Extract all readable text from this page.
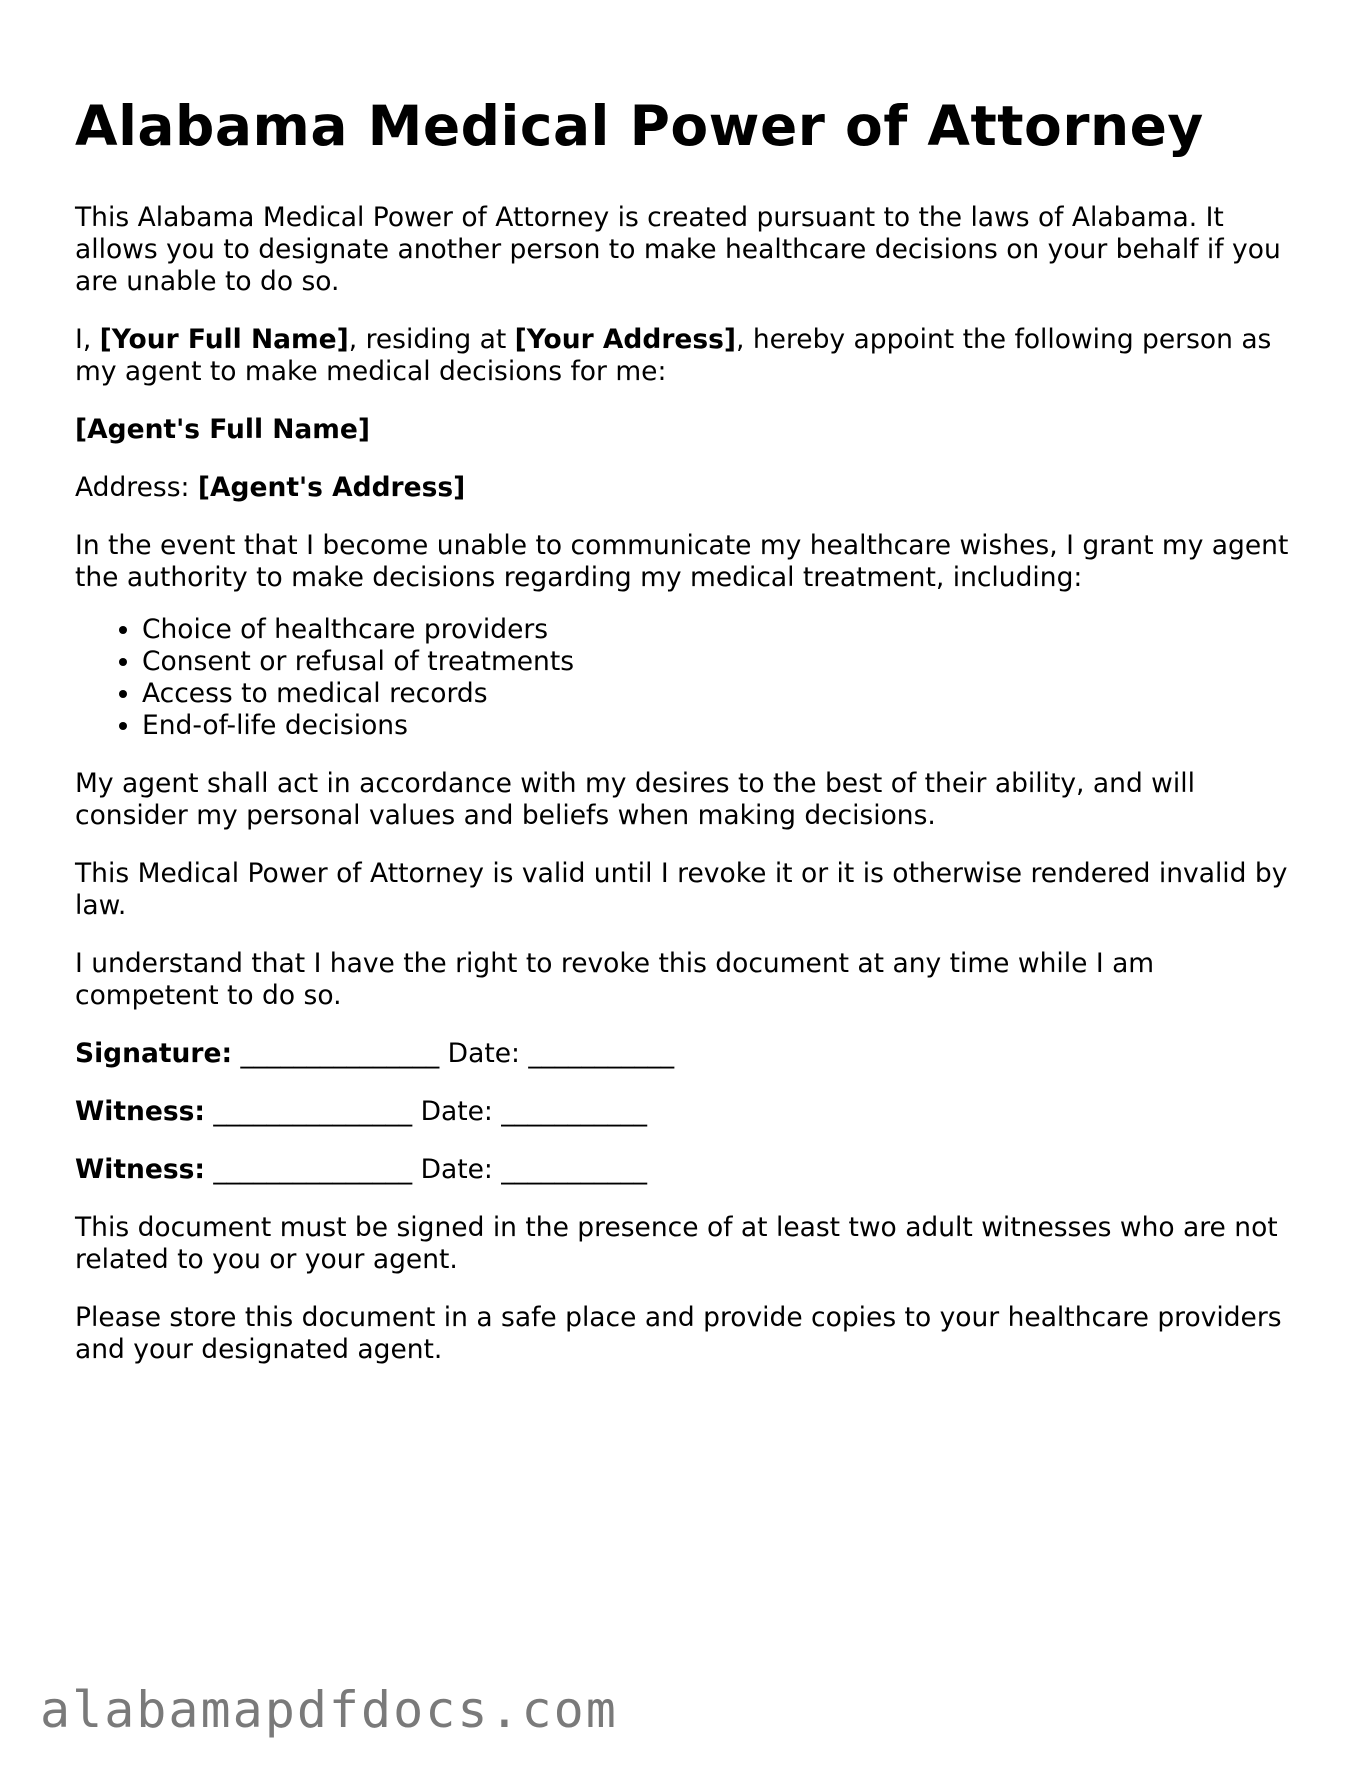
Alabama Medical Power of Attorney

This Alabama Medical Power of Attorney is created pursuant to the laws of Alabama. It allows you to designate another person to make healthcare decisions on your behalf if you are unable to do so.

I, [Your Full Name], residing at [Your Address], hereby appoint the following person as my agent to make medical decisions for me:

[Agent's Full Name]

Address: [Agent's Address]

In the event that I become unable to communicate my healthcare wishes, I grant my agent the authority to make decisions regarding my medical treatment, including:

• Choice of healthcare providers
• Consent or refusal of treatments
• Access to medical records
• End-of-life decisions

My agent shall act in accordance with my desires to the best of their ability, and will consider my personal values and beliefs when making decisions.

This Medical Power of Attorney is valid until I revoke it or it is otherwise rendered invalid by law.

I understand that I have the right to revoke this document at any time while I am competent to do so.

Signature: _______________ Date: ___________

Witness: _______________ Date: ___________

Witness: _______________ Date: ___________

This document must be signed in the presence of at least two adult witnesses who are not related to you or your agent.

Please store this document in a safe place and provide copies to your healthcare providers and your designated agent.

alabamapdfdocs.com
